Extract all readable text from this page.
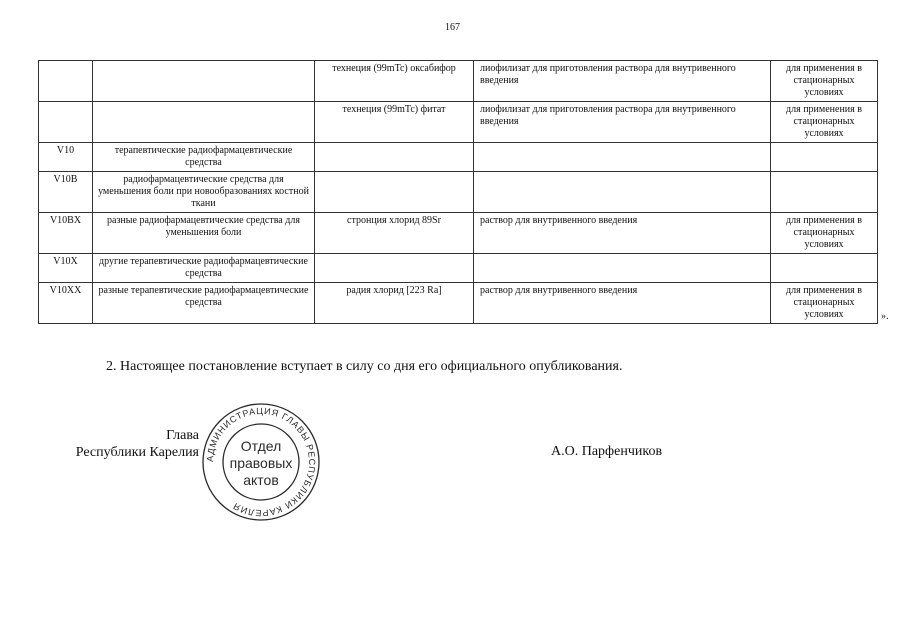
167
		технеция (99mTc) оксабифор	лиофилизат для приготовления раствора для внутривенного введения	для применения в стационарных условиях
		технеция (99mTc) фитат	лиофилизат для приготовления раствора для внутривенного введения	для применения в стационарных условиях
V10	терапевтические радиофармацевтические средства			
V10B	радиофармацевтические средства для уменьшения боли при новообразованиях костной ткани			
V10BX	разные радиофармацевтические средства для уменьшения боли	стронция хлорид 89Sr	раствор для внутривенного введения	для применения в стационарных условиях
V10X	другие терапевтические радиофармацевтические средства			
V10XX	разные терапевтические радиофармацевтические средства	радия хлорид [223 Ra]	раствор для внутривенного введения	для применения в стационарных условиях	».
2. Настоящее постановление вступает в силу со дня его официального опубликования.
Глава
Республики Карелия	А.О. Парфенчиков
АДМИНИСТРАЦИЯ ГЛАВЫ РЕСПУБЛИКИ КАРЕЛИЯ
Отдел
правовых
актов
